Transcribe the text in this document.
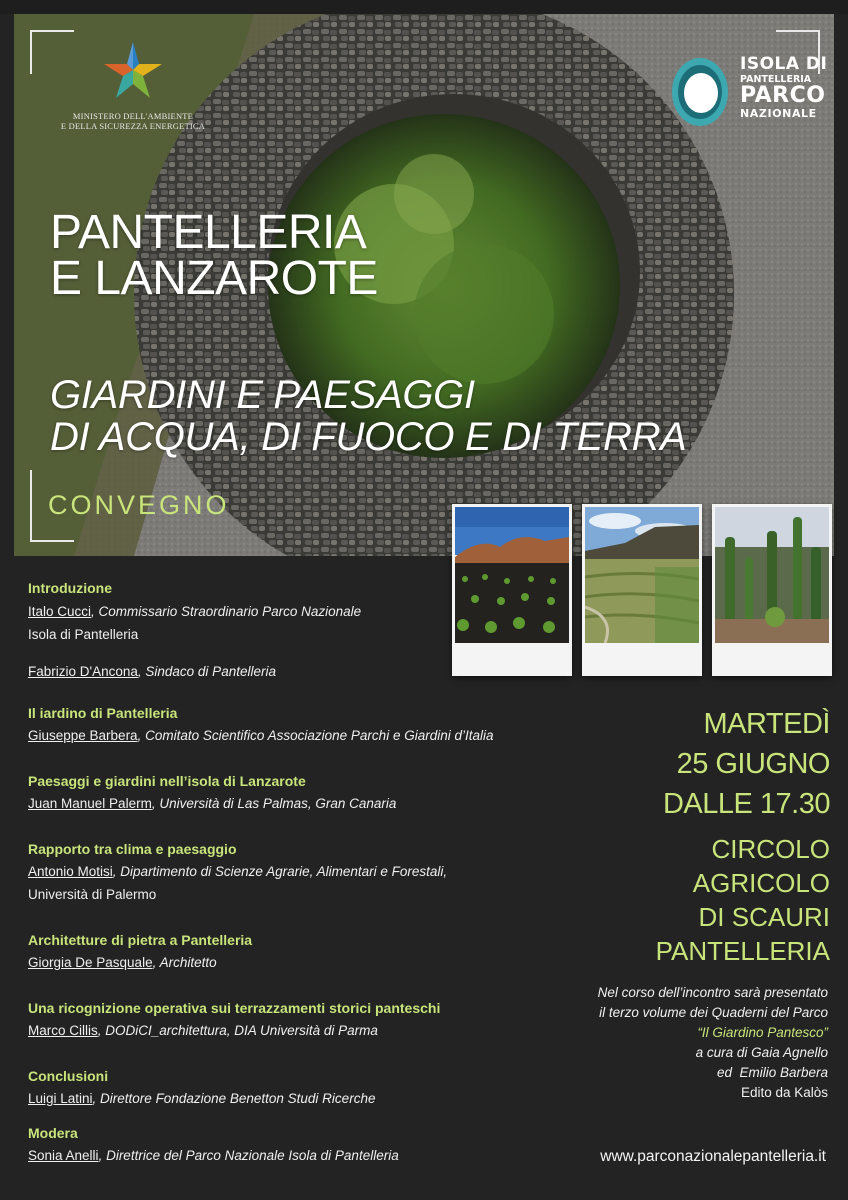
MINISTERO DELL'AMBIENTE
E DELLA SICUREZZA ENERGETICA
ISOLA DI
PANTELLERIA
PARCO
NAZIONALE
PANTELLERIA
E LANZAROTE
GIARDINI E PAESAGGI
DI ACQUA, DI FUOCO E DI TERRA
CONVEGNO
Introduzione
Italo Cucci, Commissario Straordinario Parco Nazionale
Isola di Pantelleria
Fabrizio D'Ancona, Sindaco di Pantelleria
Il iardino di Pantelleria
Giuseppe Barbera, Comitato Scientifico Associazione Parchi e Giardini d’Italia
Paesaggi e giardini nell’isola di Lanzarote
Juan Manuel Palerm, Università di Las Palmas, Gran Canaria
Rapporto tra clima e paesaggio
Antonio Motisi, Dipartimento di Scienze Agrarie, Alimentari e Forestali,
Università di Palermo
Architetture di pietra a Pantelleria
Giorgia De Pasquale, Architetto
Una ricognizione operativa sui terrazzamenti storici panteschi
Marco Cillis, DODiCI_architettura, DIA Università di Parma
Conclusioni
Luigi Latini, Direttore Fondazione Benetton Studi Ricerche
Modera
Sonia Anelli, Direttrice del Parco Nazionale Isola di Pantelleria
MARTEDÌ
25 GIUGNO
DALLE 17.30
CIRCOLO
AGRICOLO
DI SCAURI
PANTELLERIA
Nel corso dell’incontro sarà presentato
il terzo volume dei Quaderni del Parco
“Il Giardino Pantesco”
a cura di Gaia Agnello
ed  Emilio Barbera
Edito da Kalòs
www.parconazionalepantelleria.it
